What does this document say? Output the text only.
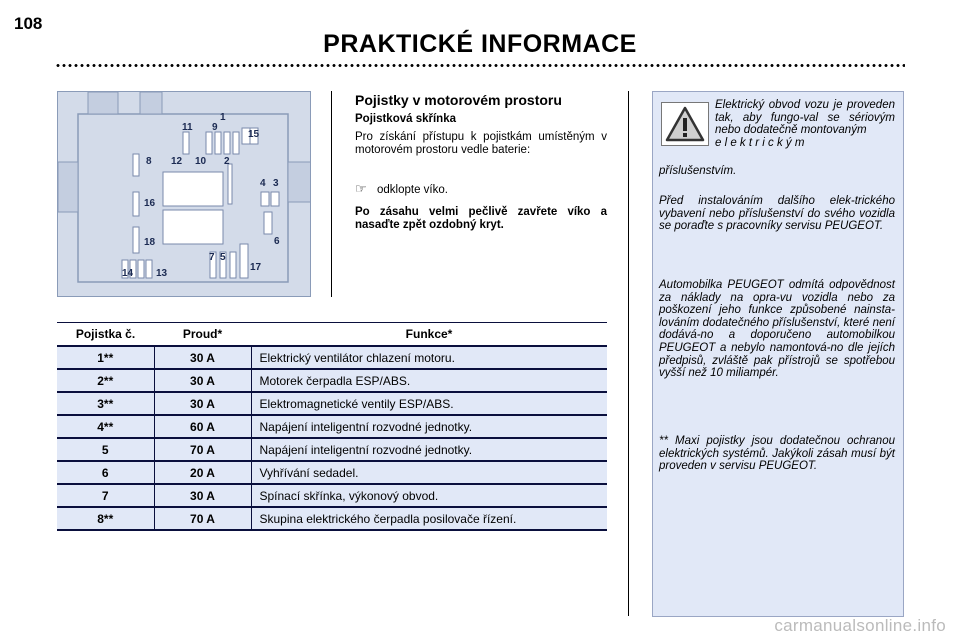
108
PRAKTICKÉ INFORMACE
1
11 9
15
8 12 10 2
4 3
16
5
18
7
17
14 13
6
Pojistky v motorovém prostoru
Pojistková skřínka
Pro získání přístupu k pojistkám umístěným v motorovém prostoru vedle baterie:
☞ odklopte víko.
Po zásahu velmi pečlivě zavřete víko a nasaďte zpět ozdobný kryt.
Pojistka č.	Proud*	Funkce*
1**	30 A	Elektrický ventilátor chlazení motoru.
2**	30 A	Motorek čerpadla ESP/ABS.
3**	30 A	Elektromagnetické ventily ESP/ABS.
4**	60 A	Napájení inteligentní rozvodné jednotky.
5	70 A	Napájení inteligentní rozvodné jednotky.
6	20 A	Vyhřívání sedadel.
7	30 A	Spínací skřínka, výkonový obvod.
8**	70 A	Skupina elektrického čerpadla posilovače řízení.
Elektrický obvod vozu je proveden tak, aby fungo-val se sériovým nebo dodatečně montovaným
e l e k t r i c k ý m
příslušenstvím.
Před instalováním dalšího elek-trického vybavení nebo příslušenství do svého vozidla se poraďte s pracovníky servisu PEUGEOT.
Automobilka PEUGEOT odmítá odpovědnost za náklady na opra-vu vozidla nebo za poškození jeho funkce způsobené nainsta-lováním dodatečného příslušenství, které není dodává-no a doporučeno automobilkou PEUGEOT a nebylo namontová-no dle jejích předpisů, zvláště pak přístrojů se spotřebou vyšší než 10 miliampér.
** Maxi pojistky jsou dodatečnou ochranou elektrických systémů. Jakýkoli zásah musí být proveden v servisu PEUGEOT.
carmanualsonline.info
